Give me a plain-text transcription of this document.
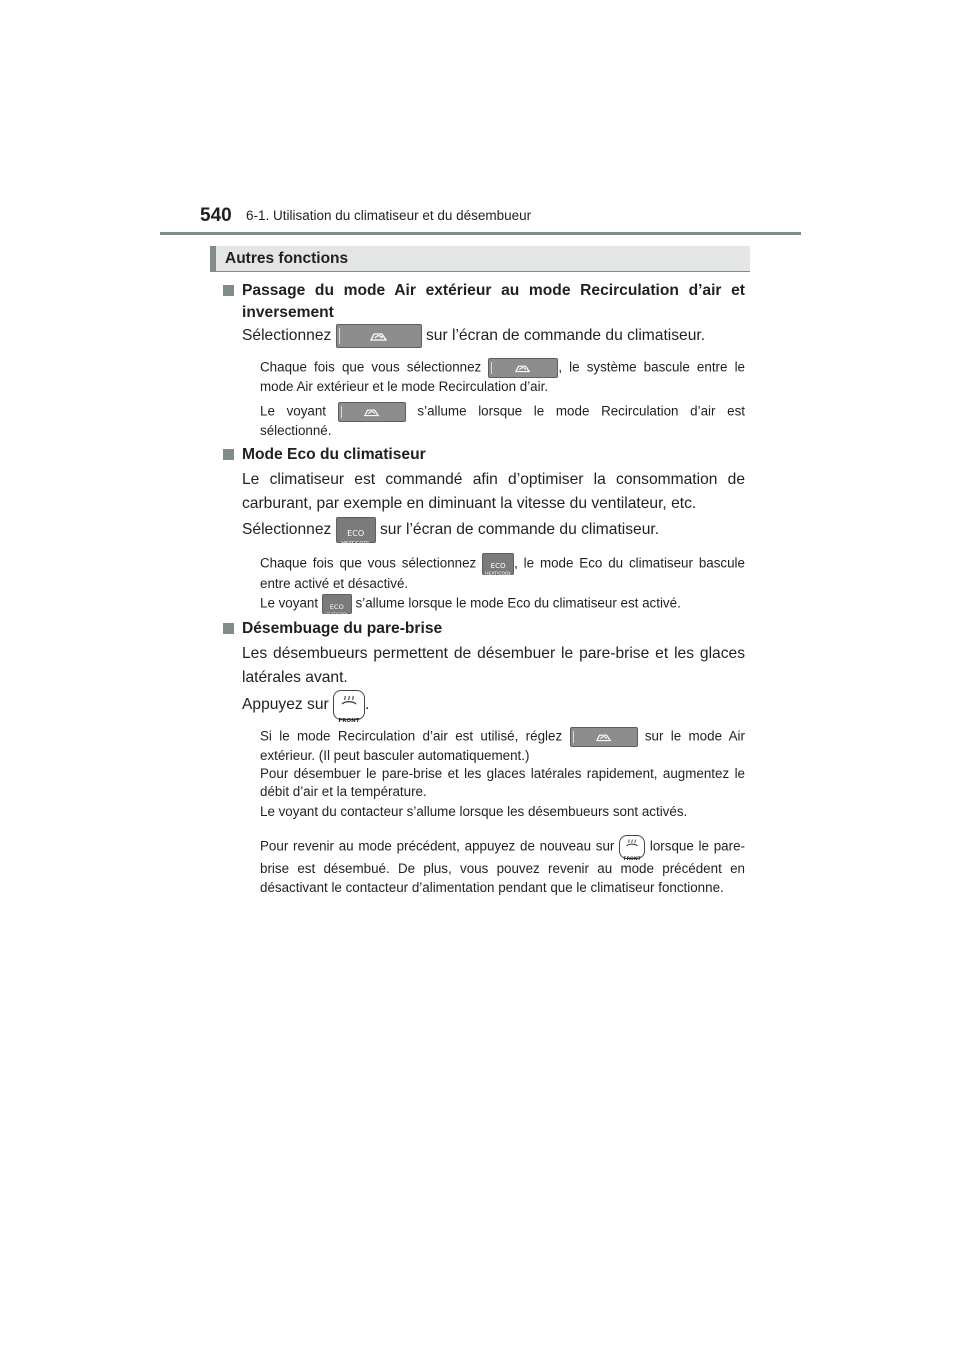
540 6-1. Utilisation du climatiseur et du désembueur
Autres fonctions
Passage du mode Air extérieur au mode Recirculation d’air et inversement
Sélectionnez	sur l’écran de commande du climatiseur.
Chaque fois que vous sélectionnez	, le système bascule entre le mode Air extérieur et le mode Recirculation d’air.
Le voyant	s’allume lorsque le mode Recirculation d’air est sélectionné.
Mode Eco du climatiseur
Le climatiseur est commandé afin d’optimiser la consommation de carburant, par exemple en diminuant la vitesse du ventilateur, etc.
Sélectionnez	ECO
HEAT/COOL
sur l’écran de commande du climatiseur.
Chaque fois que vous sélectionnez	ECO
HEAT/COOL
, le mode Eco du climatiseur bascule entre activé et désactivé.
Le voyant	ECO
HEAT/COOL
s’allume lorsque le mode Eco du climatiseur est activé.
Désembuage du pare-brise
Les désembueurs permettent de désembuer le pare-brise et les glaces latérales avant.
Appuyez sur
FRONT
.
Si le mode Recirculation d’air est utilisé, réglez	sur le mode Air extérieur. (Il peut basculer automatiquement.)
Pour désembuer le pare-brise et les glaces latérales rapidement, augmentez le débit d’air et la température.
Le voyant du contacteur s’allume lorsque les désembueurs sont activés.
Pour revenir au mode précédent, appuyez de nouveau sur
FRONT
lorsque le pare-brise est désembué. De plus, vous pouvez revenir au mode précédent en désactivant le contacteur d’alimentation pendant que le climatiseur fonctionne.
